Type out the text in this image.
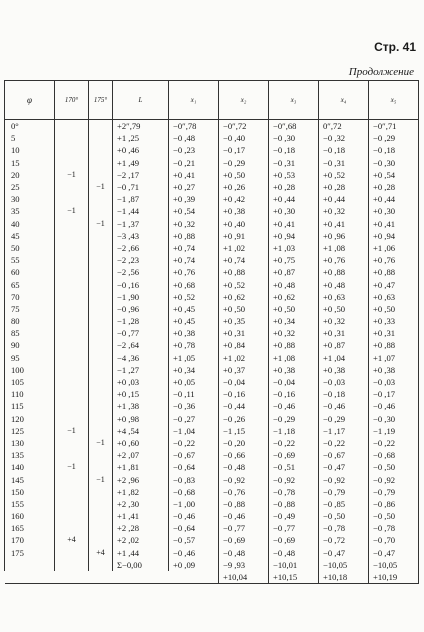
Стр. 41
Продолжение
φ	170°	175°	L	x₁	x₂	x₃	x₄	x₅
0°			+2″,79	−0″,78	−0″,72	−0″,68	0″,72	−0″,71
5			+1 ,25	−0 ,48	−0 ,40	−0 ,30	−0 ,32	−0 ,29
10			+0 ,46	−0 ,23	−0 ,17	−0 ,18	−0 ,18	−0 ,18
15			+1 ,49	−0 ,21	−0 ,29	−0 ,31	−0 ,31	−0 ,30
20	−1		−2 ,17	+0 ,41	+0 ,50	+0 ,53	+0 ,52	+0 ,54
25		−1	−0 ,71	+0 ,27	+0 ,26	+0 ,28	+0 ,28	+0 ,28
30			−1 ,87	+0 ,39	+0 ,42	+0 ,44	+0 ,44	+0 ,44
35	−1		−1 ,44	+0 ,54	+0 ,38	+0 ,30	+0 ,32	+0 ,30
40		−1	−1 ,37	+0 ,32	+0 ,40	+0 ,41	+0 ,41	+0 ,41
45			−3 ,43	+0 ,88	+0 ,91	+0 ,94	+0 ,96	+0 ,94
50			−2 ,66	+0 ,74	+1 ,02	+1 ,03	+1 ,08	+1 ,06
55			−2 ,23	+0 ,74	+0 ,74	+0 ,75	+0 ,76	+0 ,76
60			−2 ,56	+0 ,76	+0 ,88	+0 ,87	+0 ,88	+0 ,88
65			−0 ,16	+0 ,68	+0 ,52	+0 ,48	+0 ,48	+0 ,47
70			−1 ,90	+0 ,52	+0 ,62	+0 ,62	+0 ,63	+0 ,63
75			−0 ,96	+0 ,45	+0 ,50	+0 ,50	+0 ,50	+0 ,50
80			−1 ,28	+0 ,45	+0 ,35	+0 ,34	+0 ,32	+0 ,33
85			−0 ,77	+0 ,38	+0 ,31	+0 ,32	+0 ,31	+0 ,31
90			−2 ,64	+0 ,78	+0 ,84	+0 ,88	+0 ,87	+0 ,88
95			−4 ,36	+1 ,05	+1 ,02	+1 ,08	+1 ,04	+1 ,07
100			−1 ,27	+0 ,34	+0 ,37	+0 ,38	+0 ,38	+0 ,38
105			+0 ,03	+0 ,05	−0 ,04	−0 ,04	−0 ,03	−0 ,03
110			+0 ,15	−0 ,11	−0 ,16	−0 ,16	−0 ,18	−0 ,17
115			+1 ,38	−0 ,36	−0 ,44	−0 ,46	−0 ,46	−0 ,46
120			+0 ,98	−0 ,27	−0 ,26	−0 ,29	−0 ,29	−0 ,30
125	−1		+4 ,54	−1 ,04	−1 ,15	−1 ,18	−1 ,17	−1 ,19
130		−1	+0 ,60	−0 ,22	−0 ,20	−0 ,22	−0 ,22	−0 ,22
135			+2 ,07	−0 ,67	−0 ,66	−0 ,69	−0 ,67	−0 ,68
140	−1		+1 ,81	−0 ,64	−0 ,48	−0 ,51	−0 ,47	−0 ,50
145		−1	+2 ,96	−0 ,83	−0 ,92	−0 ,92	−0 ,92	−0 ,92
150			+1 ,82	−0 ,68	−0 ,76	−0 ,78	−0 ,79	−0 ,79
155			+2 ,30	−1 ,00	−0 ,88	−0 ,88	−0 ,85	−0 ,86
160			+1 ,41	−0 ,46	−0 ,46	−0 ,49	−0 ,50	−0 ,50
165			+2 ,28	−0 ,64	−0 ,77	−0 ,77	−0 ,78	−0 ,78
170	+4		+2 ,02	−0 ,57	−0 ,69	−0 ,69	−0 ,72	−0 ,70
175		+4	+1 ,44	−0 ,46	−0 ,48	−0 ,48	−0 ,47	−0 ,47
			Σ−0,00	+0 ,09	−9 ,93	−10,01	−10,05	−10,05
					+10,04	+10,15	+10,18	+10,19
